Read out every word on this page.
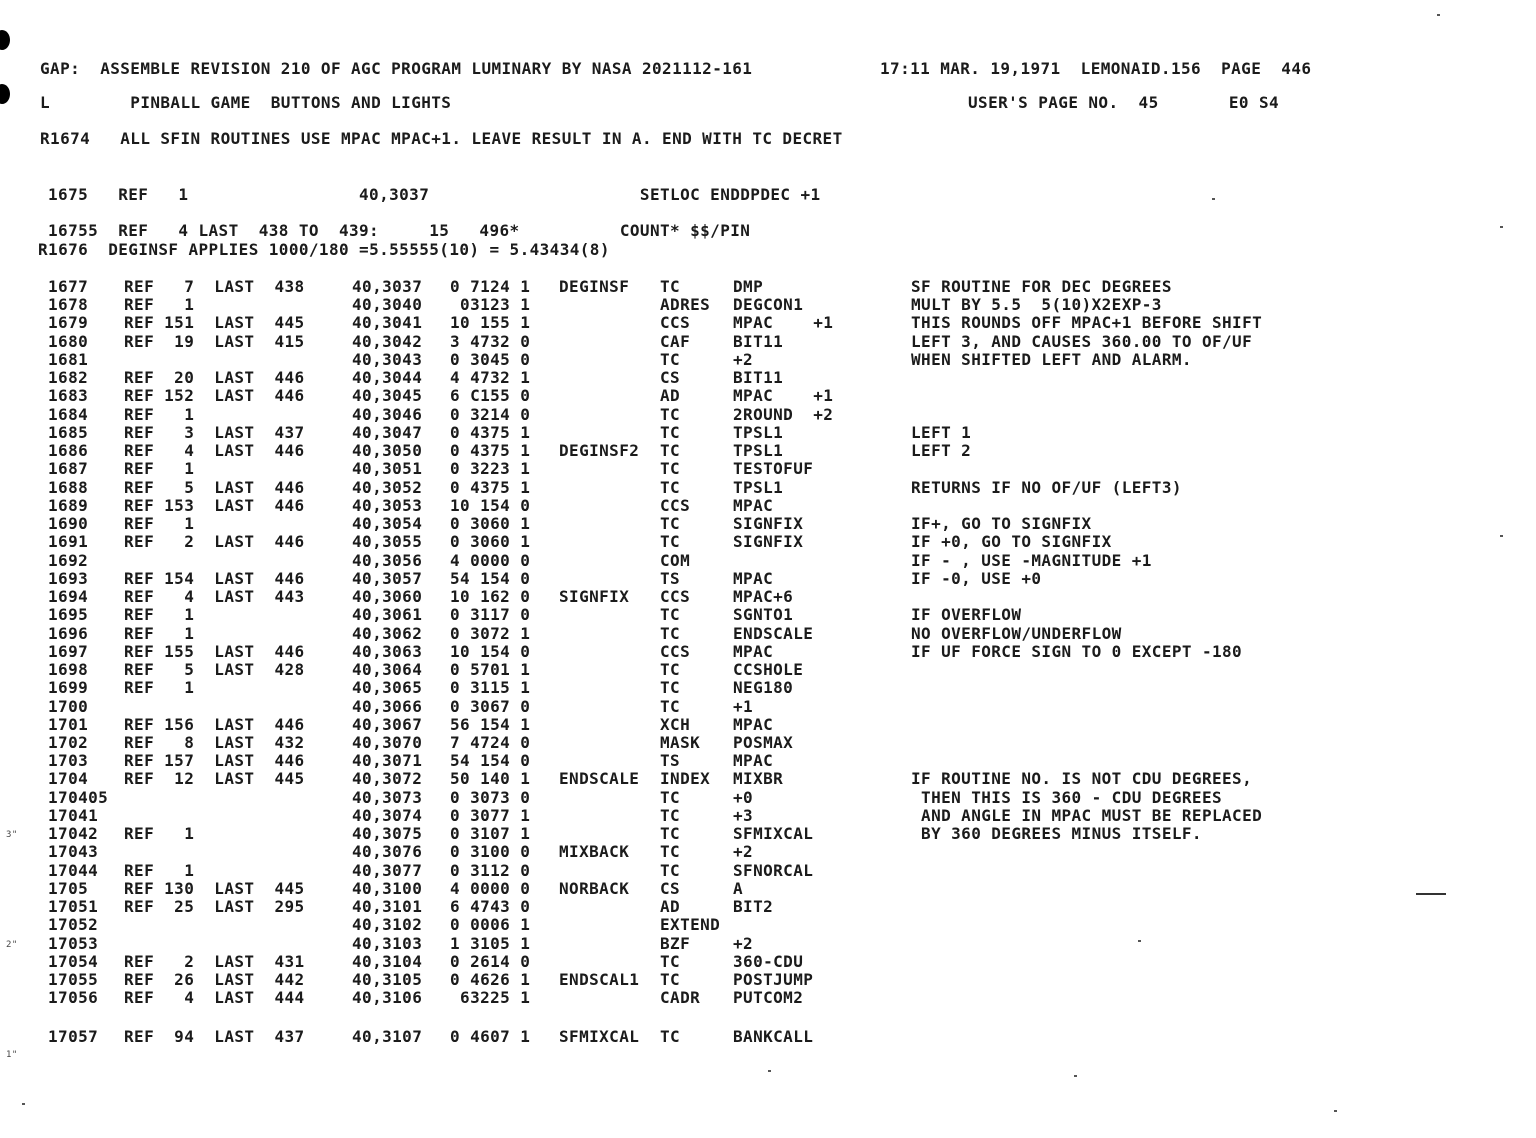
GAP:  ASSEMBLE REVISION 210 OF AGC PROGRAM LUMINARY BY NASA 2021112-161	17:11 MAR. 19,1971  LEMONAID.156  PAGE  446
L        PINBALL GAME  BUTTONS AND LIGHTS	USER'S PAGE NO.  45       E0 S4
R1674   ALL SFIN ROUTINES USE MPAC MPAC+1. LEAVE RESULT IN A. END WITH TC DECRET
1675   REF   1                 40,3037                     SETLOC ENDDPDEC +1
16755  REF   4 LAST  438 TO  439:     15   496*          COUNT* $$/PIN
R1676  DEGINSF APPLIES 1000/180 =5.55555(10) = 5.43434(8)
1677 REF   7  LAST  438	40,3037 0 7124 1 DEGINSF TC	DMP	SF ROUTINE FOR DEC DEGREES
1678 REF   1	40,3040 03123 1	ADRES DEGCON1	MULT BY 5.5  5(10)X2EXP-3
1679 REF 151  LAST  445	40,3041 10 155 1	CCS	MPAC    +1	THIS ROUNDS OFF MPAC+1 BEFORE SHIFT
1680 REF  19  LAST  415	40,3042 3 4732 0	CAF	BIT11	LEFT 3, AND CAUSES 360.00 TO OF/UF
1681	40,3043 0 3045 0	TC	+2	WHEN SHIFTED LEFT AND ALARM.
1682 REF  20  LAST  446	40,3044 4 4732 1	CS	BIT11
1683 REF 152  LAST  446	40,3045 6 C155 0	AD	MPAC    +1
1684 REF   1	40,3046 0 3214 0	TC	2ROUND  +2
1685 REF   3  LAST  437	40,3047 0 4375 1	TC	TPSL1	LEFT 1
1686 REF   4  LAST  446	40,3050 0 4375 1 DEGINSF2 TC	TPSL1	LEFT 2
1687 REF   1	40,3051 0 3223 1	TC	TESTOFUF
1688 REF   5  LAST  446	40,3052 0 4375 1	TC	TPSL1	RETURNS IF NO OF/UF (LEFT3)
1689 REF 153  LAST  446	40,3053 10 154 0	CCS	MPAC
1690 REF   1	40,3054 0 3060 1	TC	SIGNFIX	IF+, GO TO SIGNFIX
1691 REF   2  LAST  446	40,3055 0 3060 1	TC	SIGNFIX	IF +0, GO TO SIGNFIX
1692	40,3056 4 0000 0	COM	IF - , USE -MAGNITUDE +1
1693 REF 154  LAST  446	40,3057 54 154 0	TS	MPAC	IF -0, USE +0
1694 REF   4  LAST  443	40,3060 10 162 0 SIGNFIX CCS	MPAC+6
1695 REF   1	40,3061 0 3117 0	TC	SGNTO1	IF OVERFLOW
1696 REF   1	40,3062 0 3072 1	TC	ENDSCALE	NO OVERFLOW/UNDERFLOW
1697 REF 155  LAST  446	40,3063 10 154 0	CCS	MPAC	IF UF FORCE SIGN TO 0 EXCEPT -180
1698 REF   5  LAST  428	40,3064 0 5701 1	TC	CCSHOLE
1699 REF   1	40,3065 0 3115 1	TC	NEG180
1700	40,3066 0 3067 0	TC	+1
1701 REF 156  LAST  446	40,3067 56 154 1	XCH	MPAC
1702 REF   8  LAST  432	40,3070 7 4724 0	MASK POSMAX
1703 REF 157  LAST  446	40,3071 54 154 0	TS	MPAC
1704 REF  12  LAST  445	40,3072 50 140 1 ENDSCALE INDEX MIXBR	IF ROUTINE NO. IS NOT CDU DEGREES,
170405	40,3073 0 3073 0	TC	+0	THEN THIS IS 360 - CDU DEGREES
17041	40,3074 0 3077 1	TC	+3	AND ANGLE IN MPAC MUST BE REPLACED
17042 REF   1	40,3075 0 3107 1	TC	SFMIXCAL	BY 360 DEGREES MINUS ITSELF.
17043	40,3076 0 3100 0 MIXBACK TC	+2
17044 REF   1	40,3077 0 3112 0	TC	SFNORCAL
1705 REF 130  LAST  445	40,3100 4 0000 0 NORBACK CS	A
17051 REF  25  LAST  295	40,3101 6 4743 0	AD	BIT2
17052	40,3102 0 0006 1	EXTEND
17053	40,3103 1 3105 1	BZF	+2
17054 REF   2  LAST  431	40,3104 0 2614 0	TC	360-CDU
17055 REF  26  LAST  442	40,3105 0 4626 1 ENDSCAL1 TC	POSTJUMP
17056 REF   4  LAST  444	40,3106 63225 1	CADR PUTCOM2
17057 REF  94  LAST  437	40,3107 0 4607 1 SFMIXCAL TC	BANKCALL
3"
2"
1"
